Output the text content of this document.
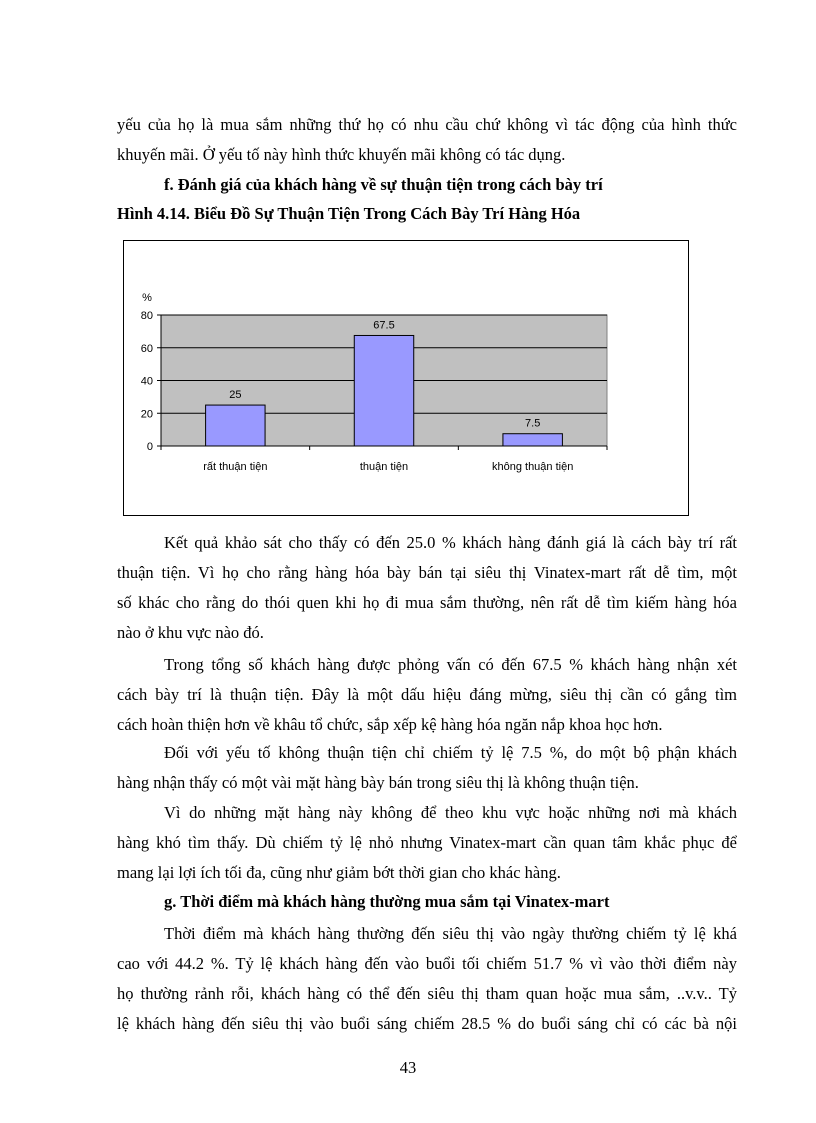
yếu của họ là mua sắm những thứ họ có nhu cầu chứ không vì tác động của hình thức
khuyến mãi. Ở yếu tố này hình thức khuyến mãi không có tác dụng.
f. Đánh giá của khách hàng về sự thuận tiện trong cách bày trí
Hình 4.14. Biểu Đồ Sự Thuận Tiện Trong Cách Bày Trí Hàng Hóa
0
20
40
60
80
%
25
rất thuận tiện
67.5
thuận tiện
7.5
không thuận tiện
Kết quả khảo sát cho thấy có đến 25.0 % khách hàng đánh giá là cách bày trí rất
thuận tiện. Vì họ cho rằng hàng hóa bày bán tại siêu thị Vinatex-mart rất dễ tìm, một
số khác cho rằng do thói quen khi họ đi mua sắm thường, nên rất dễ tìm kiếm hàng hóa
nào ở khu vực nào đó.
Trong tổng số khách hàng được phỏng vấn có đến 67.5 % khách hàng nhận xét
cách bày trí là thuận tiện. Đây là một dấu hiệu đáng mừng, siêu thị cần có gắng tìm
cách hoàn thiện hơn về khâu tổ chức, sắp xếp kệ hàng hóa ngăn nắp khoa học hơn.
Đối với yếu tố không thuận tiện chỉ chiếm tỷ lệ 7.5 %, do một bộ phận khách
hàng nhận thấy có một vài mặt hàng bày bán trong siêu thị là không thuận tiện.
Vì do những mặt hàng này không để theo khu vực hoặc những nơi mà khách
hàng khó tìm thấy. Dù chiếm tỷ lệ nhỏ nhưng Vinatex-mart cần quan tâm khắc phục để
mang lại lợi ích tối đa, cũng như giảm bớt thời gian cho khác hàng.
g. Thời điểm mà khách hàng thường mua sắm tại Vinatex-mart
Thời điểm mà khách hàng thường đến siêu thị vào ngày thường chiếm tỷ lệ khá
cao với 44.2 %. Tỷ lệ khách hàng đến vào buổi tối chiếm 51.7 % vì vào thời điểm này
họ thường rảnh rỗi, khách hàng có thể đến siêu thị tham quan hoặc mua sắm, ..v.v.. Tỷ
lệ khách hàng đến siêu thị vào buổi sáng chiếm 28.5 % do buổi sáng chỉ có các bà nội
43
